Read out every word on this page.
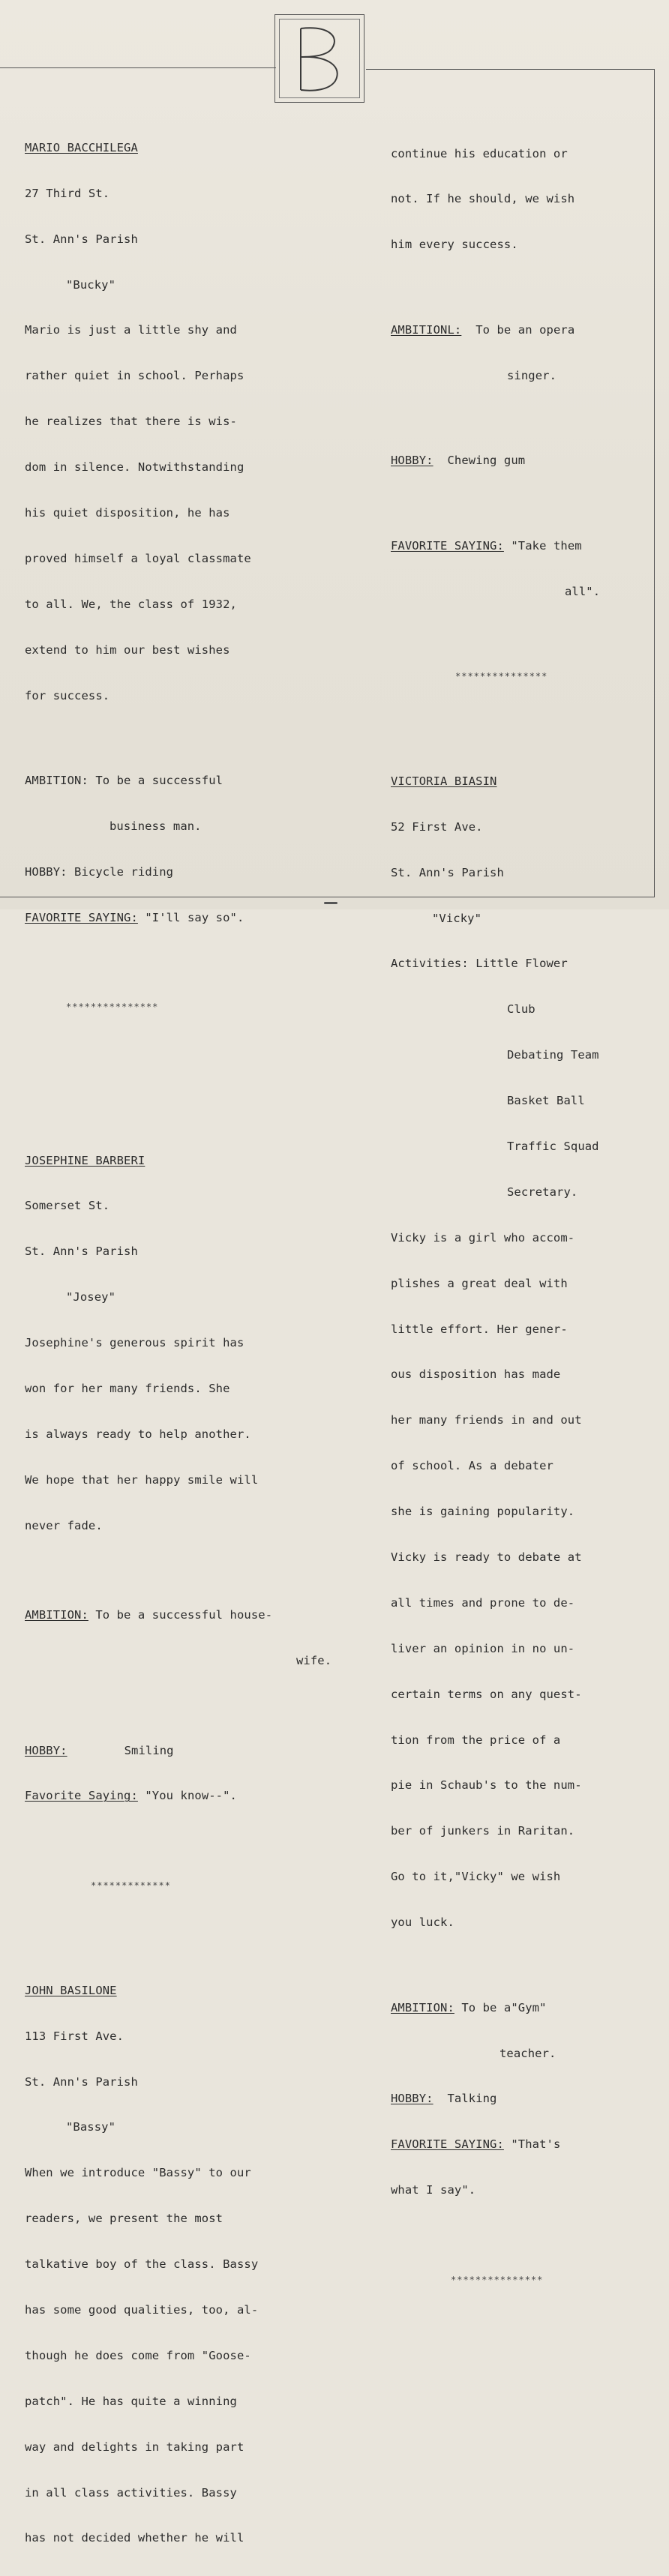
MARIO BACCHILEGA

27 Third St.

St. Ann's Parish

"Bucky"

Mario is just a little shy and

rather quiet in school. Perhaps

he realizes that there is wis-

dom in silence. Notwithstanding

his quiet disposition, he has

proved himself a loyal classmate

to all. We, the class of 1932,

extend to him our best wishes

for success.

AMBITION: To be a successful

business man.

HOBBY: Bicycle riding

FAVORITE SAYING: "I'll say so".

***************

JOSEPHINE BARBERI

Somerset St.

St. Ann's Parish

"Josey"

Josephine's generous spirit has

won for her many friends. She

is always ready to help another.

We hope that her happy smile will

never fade.

AMBITION: To be a successful house-

wife.

HOBBY:	Smiling

Favorite Saying: "You know--".

*************

JOHN BASILONE

113 First Ave.

St. Ann's Parish

"Bassy"

When we introduce "Bassy" to our

readers, we present the most

talkative boy of the class. Bassy

has some good qualities, too, al-

though he does come from "Goose-

patch". He has quite a winning

way and delights in taking part

in all class activities. Bassy

has not decided whether he will

continue his education or

not. If he should, we wish

him every success.

AMBITIONL: To be an opera

singer.

HOBBY: Chewing gum

FAVORITE SAYING: "Take them

all".

***************

VICTORIA BIASIN

52 First Ave.

St. Ann's Parish

"Vicky"

Activities: Little Flower

Club

Debating Team

Basket Ball

Traffic Squad

Secretary.

Vicky is a girl who accom-

plishes a great deal with

little effort. Her gener-

ous disposition has made

her many friends in and out

of school. As a debater

she is gaining popularity.

Vicky is ready to debate at

all times and prone to de-

liver an opinion in no un-

certain terms on any quest-

tion from the price of a

pie in Schaub's to the num-

ber of junkers in Raritan.

Go to it,"Vicky" we wish

you luck.

AMBITION: To be a"Gym"

teacher.

HOBBY: Talking

FAVORITE SAYING: "That's

what I say".

***************
